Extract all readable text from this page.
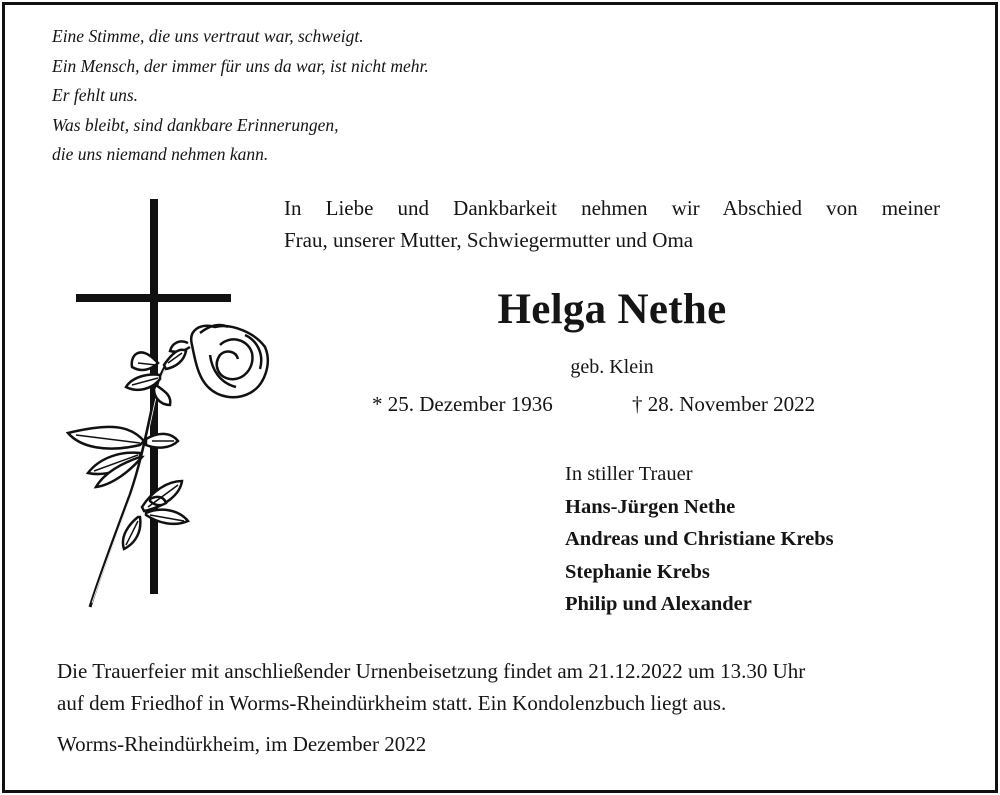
Eine Stimme, die uns vertraut war, schweigt.
Ein Mensch, der immer für uns da war, ist nicht mehr.
Er fehlt uns.
Was bleibt, sind dankbare Erinnerungen,
die uns niemand nehmen kann.
In Liebe und Dankbarkeit nehmen wir Abschied von meiner
Frau, unserer Mutter, Schwiegermutter und Oma
Helga Nethe
geb. Klein
* 25. Dezember 1936	† 28. November 2022
In stiller Trauer
Hans-Jürgen Nethe
Andreas und Christiane Krebs
Stephanie Krebs
Philip und Alexander
Die Trauerfeier mit anschließender Urnenbeisetzung findet am 21.12.2022 um 13.30 Uhr
auf dem Friedhof in Worms-Rheindürkheim statt. Ein Kondolenzbuch liegt aus.
Worms-Rheindürkheim, im Dezember 2022
